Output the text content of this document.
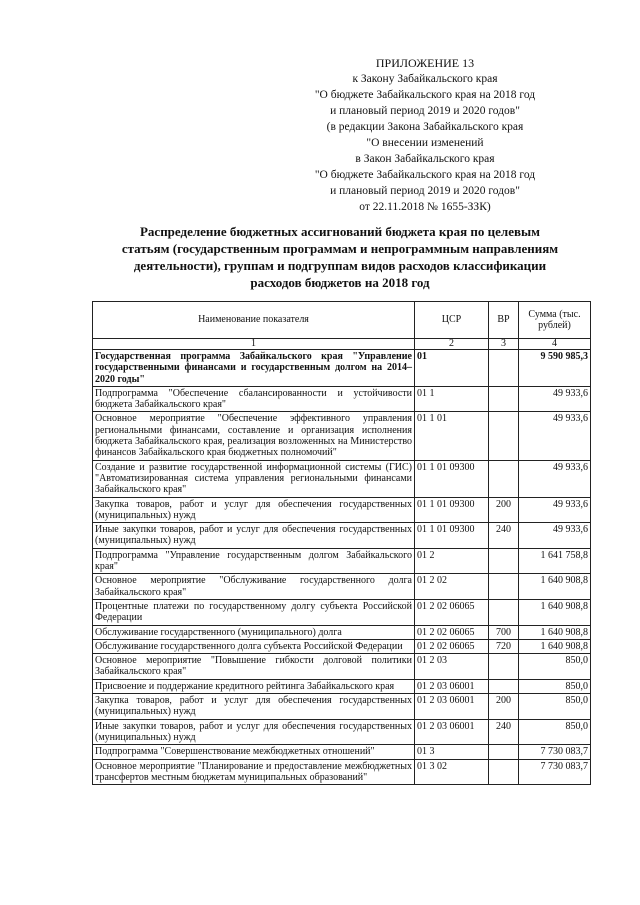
ПРИЛОЖЕНИЕ 13
к Закону Забайкальского края
"О бюджете Забайкальского края на 2018 год
и плановый период 2019 и 2020 годов"
(в редакции Закона Забайкальского края
"О внесении изменений
в Закон Забайкальского края
"О бюджете Забайкальского края на 2018 год
и плановый период 2019 и 2020 годов"
от 22.11.2018 № 1655-ЗЗК)
Распределение бюджетных ассигнований бюджета края по целевым
статьям (государственным программам и непрограммным направлениям
деятельности), группам и подгруппам видов расходов классификации
расходов бюджетов на 2018 год
Наименование показателя	ЦСР	ВР	Сумма (тыс. рублей)
1	2	3	4
Государственная программа Забайкальского края "Управление государственными финансами и государственным долгом на 2014–2020 годы"	01		9 590 985,3
Подпрограмма "Обеспечение сбалансированности и устойчивости бюджета Забайкальского края"	01 1		49 933,6
Основное мероприятие "Обеспечение эффективного управления региональными финансами, составление и организация исполнения бюджета Забайкальского края, реализация возложенных на Министерство финансов Забайкальского края бюджетных полномочий"	01 1 01		49 933,6
Создание и развитие государственной информационной системы (ГИС) "Автоматизированная система управления региональными финансами Забайкальского края"	01 1 01 09300		49 933,6
Закупка товаров, работ и услуг для обеспечения государственных (муниципальных) нужд	01 1 01 09300	200	49 933,6
Иные закупки товаров, работ и услуг для обеспечения государственных (муниципальных) нужд	01 1 01 09300	240	49 933,6
Подпрограмма "Управление государственным долгом Забайкальского края"	01 2		1 641 758,8
Основное мероприятие "Обслуживание государственного долга Забайкальского края"	01 2 02		1 640 908,8
Процентные платежи по государственному долгу субъекта Российской Федерации	01 2 02 06065		1 640 908,8
Обслуживание государственного (муниципального) долга	01 2 02 06065	700	1 640 908,8
Обслуживание государственного долга субъекта Российской Федерации	01 2 02 06065	720	1 640 908,8
Основное мероприятие "Повышение гибкости долговой политики Забайкальского края"	01 2 03		850,0
Присвоение и поддержание кредитного рейтинга Забайкальского края	01 2 03 06001		850,0
Закупка товаров, работ и услуг для обеспечения государственных (муниципальных) нужд	01 2 03 06001	200	850,0
Иные закупки товаров, работ и услуг для обеспечения государственных (муниципальных) нужд	01 2 03 06001	240	850,0
Подпрограмма "Совершенствование межбюджетных отношений"	01 3		7 730 083,7
Основное мероприятие "Планирование и предоставление межбюджетных трансфертов местным бюджетам муниципальных образований"	01 3 02		7 730 083,7
